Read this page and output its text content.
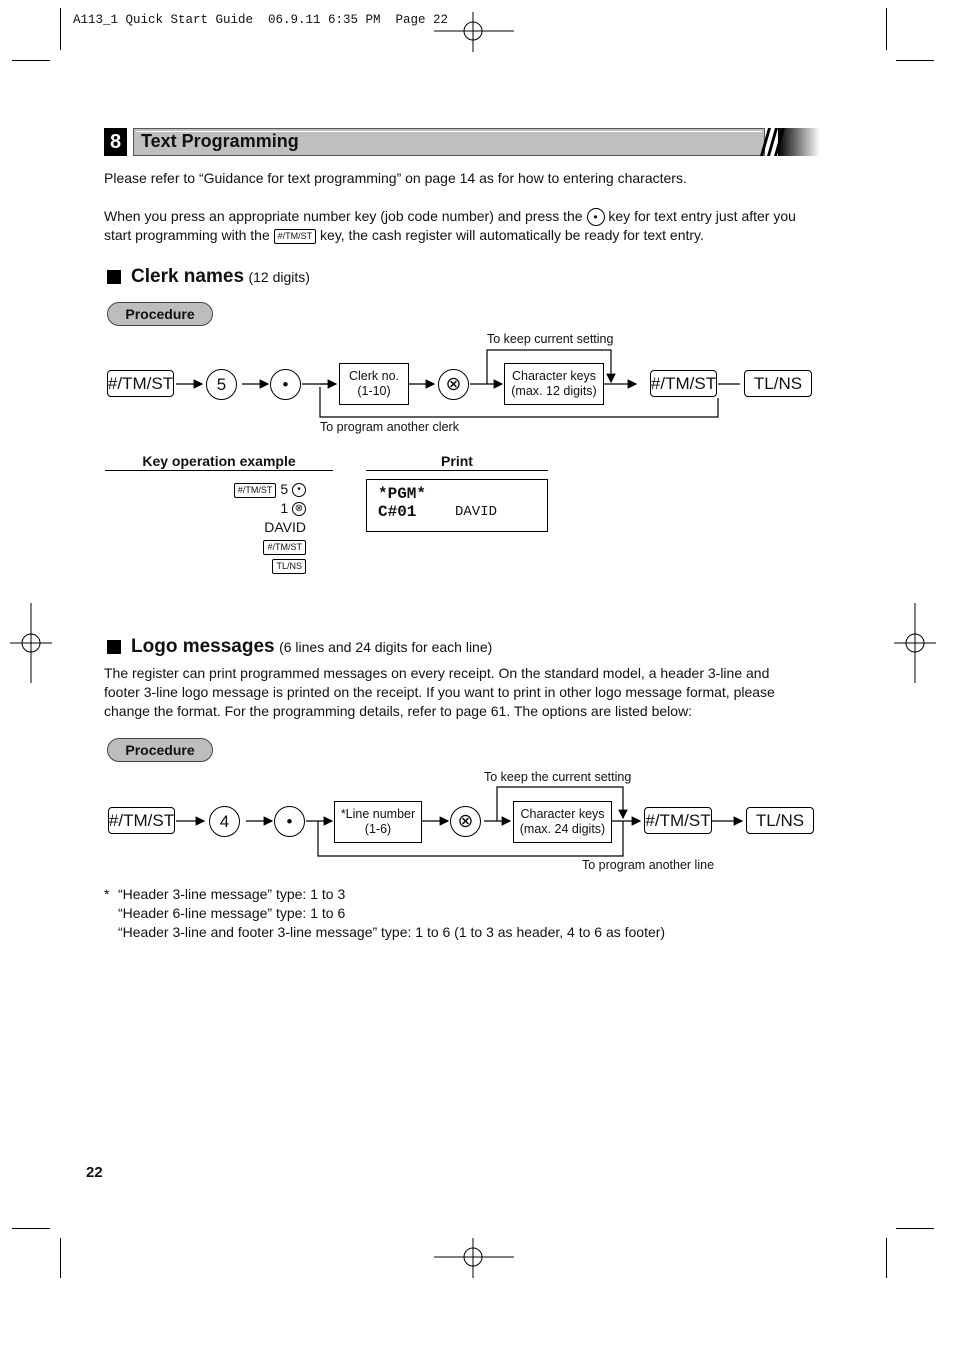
A113_1 Quick Start Guide  06.9.11 6:35 PM  Page 22
8	Text Programming
Please refer to “Guidance for text programming” on page 14 as for how to entering characters.
When you press an appropriate number key (job code number) and press the • key for text entry just after you
start programming with the #/TM/ST key, the cash register will automatically be ready for text entry.
Clerk names (12 digits)
Procedure
#/TM/ST	5	•	Clerk no.
(1-10)	⊗	Character keys
(max. 12 digits)	#/TM/ST	TL/NS
To keep current setting
To program another clerk
Key operation example	Print
#/TM/ST 5 •
1 ⊗
DAVID
#/TM/ST
TL/NS
*PGM*
C#01	DAVID
Logo messages (6 lines and 24 digits for each line)
The register can print programmed messages on every receipt. On the standard model, a header 3-line and
footer 3-line logo message is printed on the receipt. If you want to print in other logo message format, please
change the format. For the programming details, refer to page 61. The options are listed below:
Procedure
#/TM/ST	4	•	*Line number
(1-6)	⊗	Character keys
(max. 24 digits)	#/TM/ST	TL/NS
To keep the current setting
To program another line
* “Header 3-line message” type: 1 to 3
“Header 6-line message” type: 1 to 6
“Header 3-line and footer 3-line message” type: 1 to 6 (1 to 3 as header, 4 to 6 as footer)
22
